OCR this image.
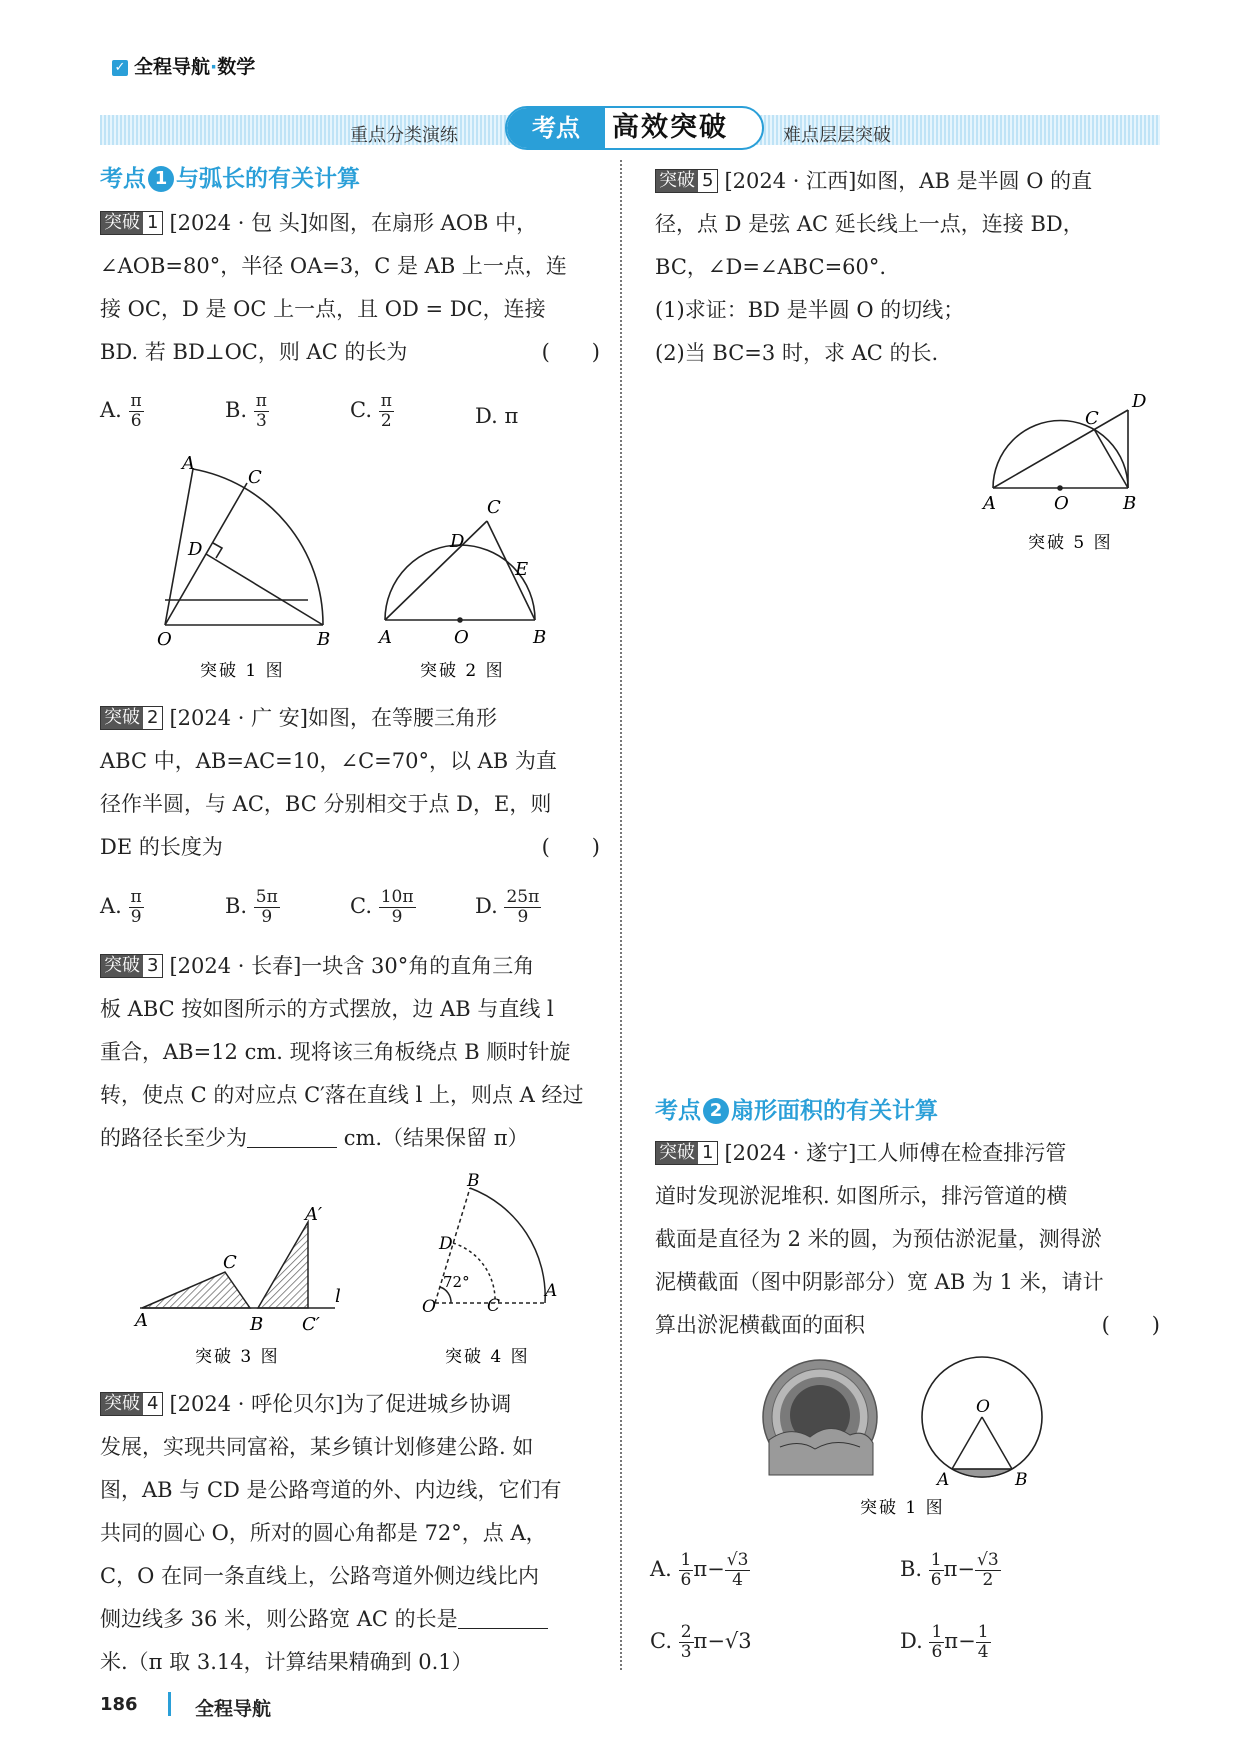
✓ 全程导航·数学
重点分类演练	难点层层突破
考点	高效突破
考点 1 与弧长的有关计算
突破 1 [2024 · 包 头]如图，在扇形 AOB 中，
∠AOB=80°，半径 OA=3，C 是 AB 上一点，连
接 OC，D 是 OC 上一点，且 OD = DC，连接
BD. 若 BD⊥OC，则 AC 的长为	(　　)
A. $\frac{\pi}{6}$	B. $\frac{\pi}{3}$	C. $\frac{\pi}{2}$	D. π
O	B
A
C
D
突破 1 图
A	O	B
C
D
E
突破 2 图
突破 2 [2024 · 广 安]如图，在等腰三角形
ABC 中，AB=AC=10，∠C=70°，以 AB 为直
径作半圆，与 AC，BC 分别相交于点 D，E，则
DE 的长度为	(　　)
A. $\frac{\pi}{9}$	B. $\frac{5\pi}{9}$	C. $\frac{10\pi}{9}$	D. $\frac{25\pi}{9}$
突破 3 [2024 · 长春]一块含 30°角的直角三角
板 ABC 按如图所示的方式摆放，边 AB 与直线 l
重合，AB=12 cm. 现将该三角板绕点 B 顺时针旋
转，使点 C 的对应点 C′落在直线 l 上，则点 A 经过
的路径长至少为	cm.（结果保留 π）
A	B
C
A′
C′
l
突破 3 图
O
A
B
C
D
72°
突破 4 图
突破 4 [2024 · 呼伦贝尔]为了促进城乡协调
发展，实现共同富裕，某乡镇计划修建公路. 如
图，AB 与 CD 是公路弯道的外、内边线，它们有
共同的圆心 O，所对的圆心角都是 72°，点 A，
C，O 在同一条直线上，公路弯道外侧边线比内
侧边线多 36 米，则公路宽 AC 的长是
米.（π 取 3.14，计算结果精确到 0.1）
突破 5 [2024 · 江西]如图，AB 是半圆 O 的直
径，点 D 是弦 AC 延长线上一点，连接 BD，
BC，∠D=∠ABC=60°.
(1)求证：BD 是半圆 O 的切线；
(2)当 BC=3 时，求 AC 的长.
A	O	B
C
D
突破 5 图
考点 2 扇形面积的有关计算
突破 1 [2024 · 遂宁]工人师傅在检查排污管
道时发现淤泥堆积. 如图所示，排污管道的横
截面是直径为 2 米的圆，为预估淤泥量，测得淤
泥横截面（图中阴影部分）宽 AB 为 1 米，请计
算出淤泥横截面的面积	(　　)
O
A	B
突破 1 图
A. $\frac{1}{6} \pi- \frac{√3}{4}$	B. $\frac{1}{6} \pi- \frac{√3}{2}$
C. $\frac{2}{3} \pi-√3$	D. $\frac{1}{6} \pi- \frac{1}{4}$
186	全程导航
